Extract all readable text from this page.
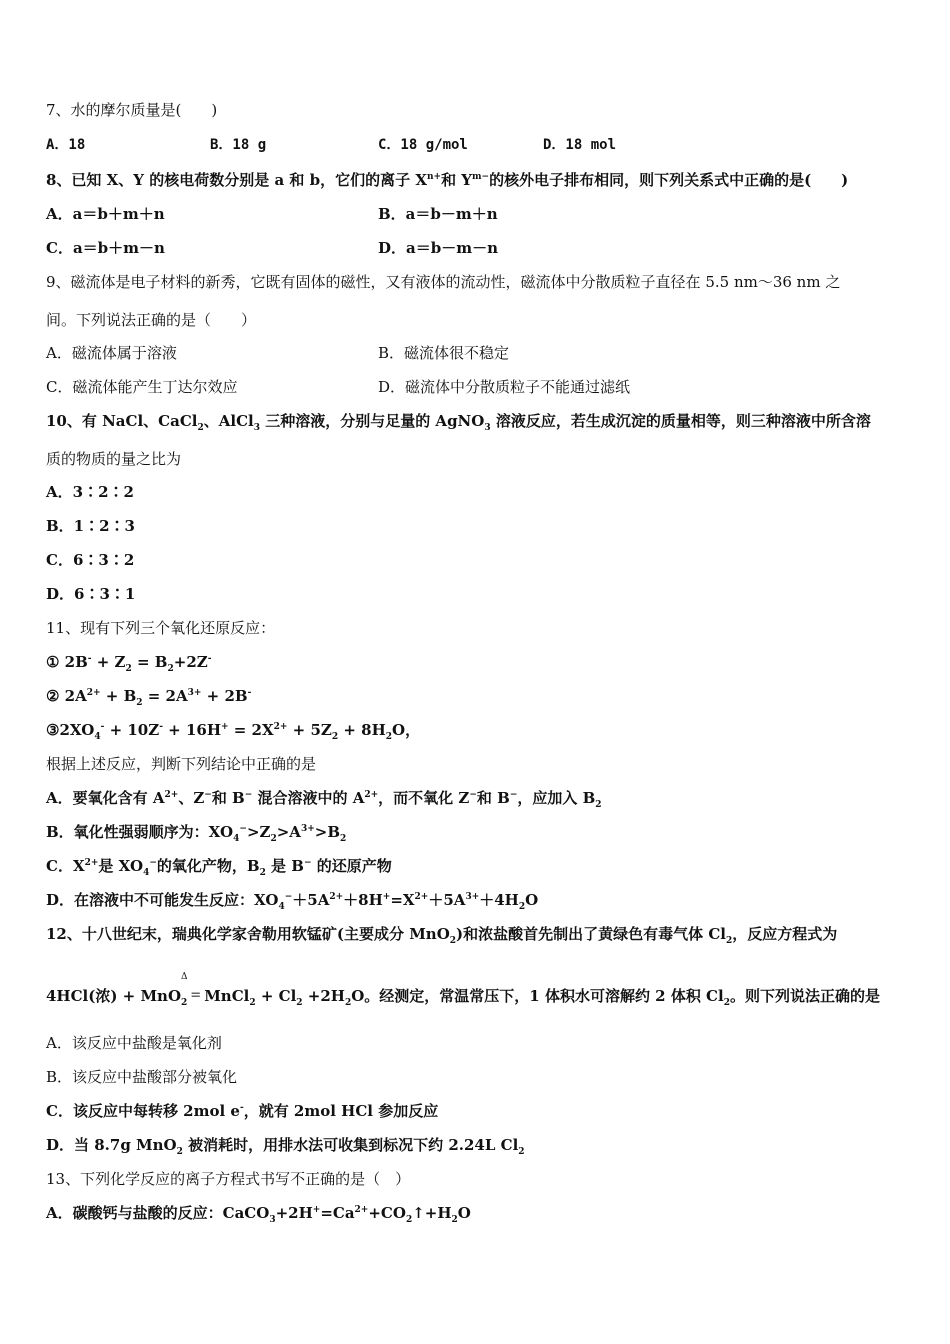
7、水的摩尔质量是(　　)
A．18	B．18 g	C．18 g/mol	D．18 mol
8、已知 X、Y 的核电荷数分别是 a 和 b，它们的离子 $X^{n+}$和 $Y^{m-}$的核外电子排布相同，则下列关系式中正确的是(　　)
A．a＝b＋m＋n	B．a＝b－m＋n
C．a＝b＋m－n	D．a＝b－m－n
9、磁流体是电子材料的新秀，它既有固体的磁性，又有液体的流动性，磁流体中分散质粒子直径在 5.5 nm～36 nm 之
间。下列说法正确的是（　　）
A．磁流体属于溶液	B．磁流体很不稳定
C．磁流体能产生丁达尔效应	D．磁流体中分散质粒子不能通过滤纸
10、有 NaCl、CaCl$_2$、AlCl$_3$ 三种溶液，分别与足量的 AgNO$_3$ 溶液反应，若生成沉淀的质量相等，则三种溶液中所含溶
质的物质的量之比为
A．3∶2∶2
B．1∶2∶3
C．6∶3∶2
D．6∶3∶1
11、现有下列三个氧化还原反应：
① $2B^- + Z_2 = B_2+2Z^-$
② $2A^{2+} + B_2 = 2A^{3+} + 2B^-$
$③2XO_4^- + 10Z^- + 16H^+ = 2X^{2+} + 5Z_2 + 8H_2O$，
根据上述反应，判断下列结论中正确的是
A．要氧化含有 $A^{2+}$、Z−和 B− 混合溶液中的 $A^{2+}$，而不氧化 Z−和 B−，应加入 $B_2$
B．氧化性强弱顺序为：$XO_4^->Z_2>A^{3+}>B_2$
C．$X^{2+}$是 $XO_4^-$的氧化产物，$B_2$ 是 B− 的还原产物
D．在溶液中不可能发生反应：$XO_4^-+5A^{2+}+8H^+=X^{2+}+5A^{3+}+4H_2O$
12、十八世纪末，瑞典化学家舍勒用软锰矿(主要成分 MnO$_2$)和浓盐酸首先制出了黄绿色有毒气体 $Cl_2$，反应方程式为
Δ
4HCl(浓) + MnO$_2$ = MnCl$_2$ + $Cl_2 +2H_2O$。经测定，常温常压下，1 体积水可溶解约 2 体积 $Cl_2$。则下列说法正确的是
A．该反应中盐酸是氧化剂
B．该反应中盐酸部分被氧化
C．该反应中每转移 2mol e-，就有 2mol HCl 参加反应
D．当 8.7g MnO$_2$ 被消耗时，用排水法可收集到标况下约 2.24L $Cl_2$
13、下列化学反应的离子方程式书写不正确的是（　）
A．碳酸钙与盐酸的反应：$CaCO_3+2H^+=Ca^{2+}+CO_2↑+H_2O$
